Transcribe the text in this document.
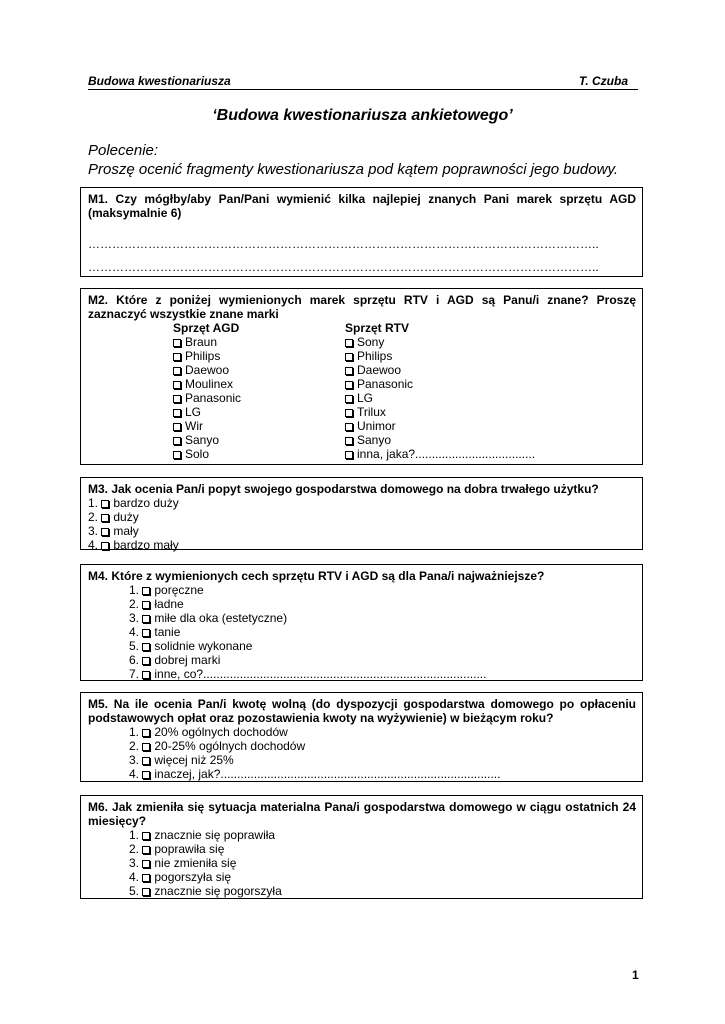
Budowa kwestionariusza	T. Czuba
‘Budowa kwestionariusza ankietowego’
Polecenie:
Proszę ocenić fragmenty kwestionariusza pod kątem poprawności jego budowy.
M1. Czy mógłby/aby Pan/Pani wymienić kilka najlepiej znanych Pani marek sprzętu AGD (maksymalnie 6)
………………………………………………………………………………………………………………..
………………………………………………………………………………………………………………..
M2. Które z poniżej wymienionych marek sprzętu RTV i AGD są Panu/i znane? Proszę zaznaczyć wszystkie znane marki
Sprzęt AGD
Braun
Philips
Daewoo
Moulinex
Panasonic
LG
Wir
Sanyo
Solo
Sprzęt RTV
Sony
Philips
Daewoo
Panasonic
LG
Trilux
Unimor
Sanyo
inna, jaka?....................................
M3. Jak ocenia Pan/i popyt swojego gospodarstwa domowego na dobra trwałego użytku?
1. bardzo duży
2. duży
3. mały
4. bardzo mały
M4. Które z wymienionych cech sprzętu RTV i AGD są dla Pana/i najważniejsze?
1. poręczne
2. ładne
3. miłe dla oka (estetyczne)
4. tanie
5. solidnie wykonane
6. dobrej marki
7. inne, co?.....................................................................................
M5. Na ile ocenia Pan/i kwotę wolną (do dyspozycji gospodarstwa domowego po opłaceniu podstawowych opłat oraz pozostawienia kwoty na wyżywienie) w bieżącym roku?
1. 20% ogólnych dochodów
2. 20-25% ogólnych dochodów
3. więcej niż 25%
4. inaczej, jak?....................................................................................
M6. Jak zmieniła się sytuacja materialna Pana/i gospodarstwa domowego w ciągu ostatnich 24 miesięcy?
1. znacznie się poprawiła
2. poprawiła się
3. nie zmieniła się
4. pogorszyła się
5. znacznie się pogorszyła
1
